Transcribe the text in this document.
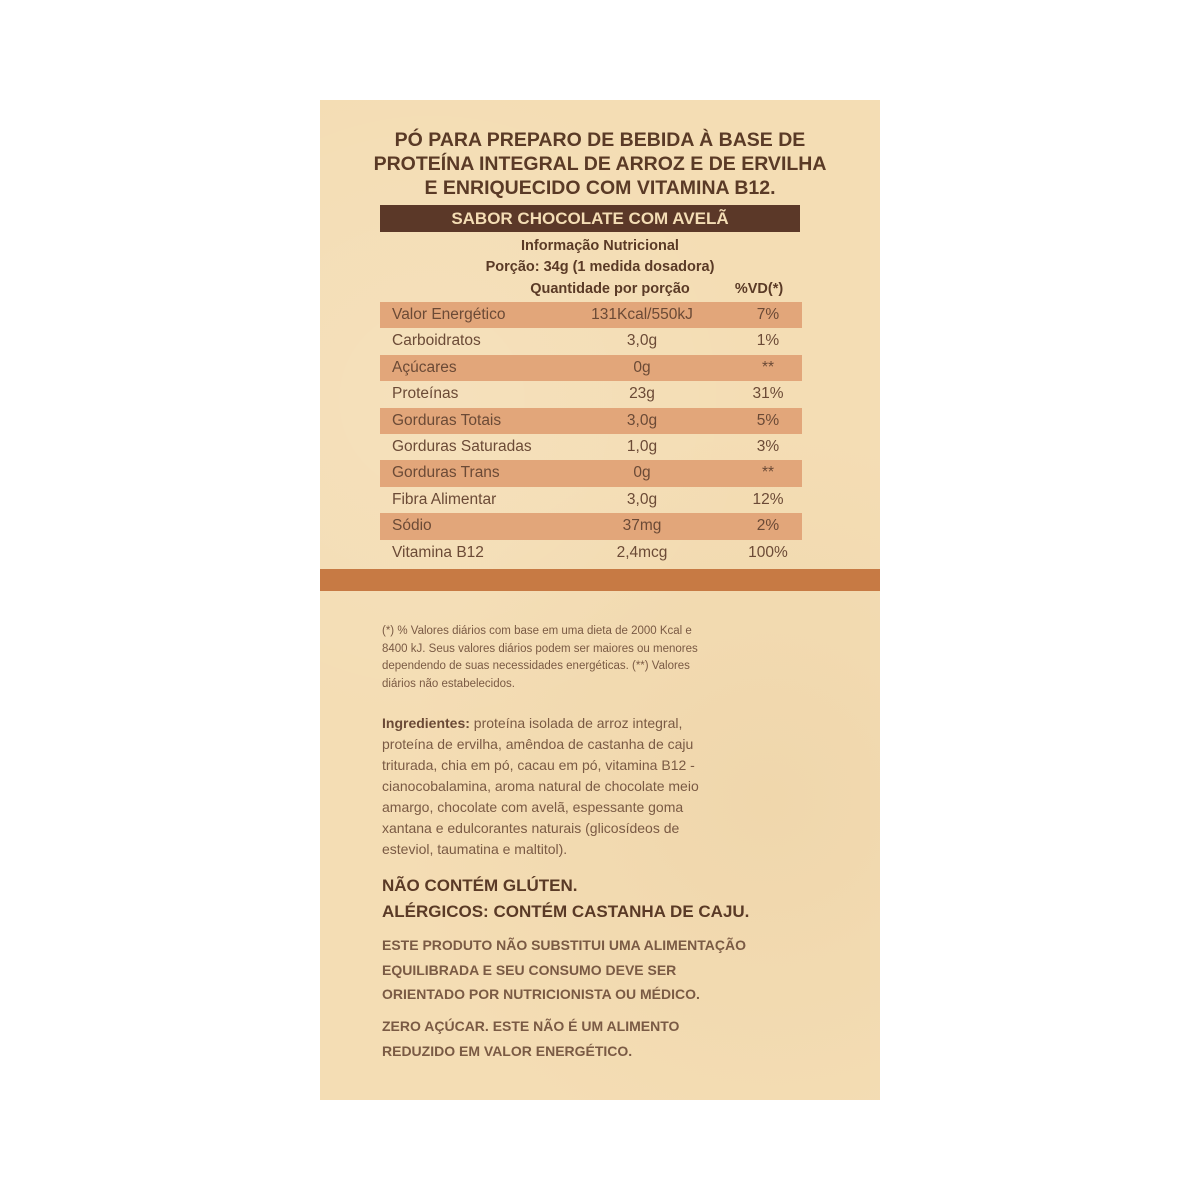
PÓ PARA PREPARO DE BEBIDA À BASE DE
PROTEÍNA INTEGRAL DE ARROZ E DE ERVILHA
E ENRIQUECIDO COM VITAMINA B12.
SABOR CHOCOLATE COM AVELÃ
Informação Nutricional
Porção: 34g (1 medida dosadora)
Quantidade por porção	%VD(*)
Valor Energético	131Kcal/550kJ	7%
Carboidratos	3,0g	1%
Açúcares	0g	**
Proteínas	23g	31%
Gorduras Totais	3,0g	5%
Gorduras Saturadas	1,0g	3%
Gorduras Trans	0g	**
Fibra Alimentar	3,0g	12%
Sódio	37mg	2%
Vitamina B12	2,4mcg	100%
(*) % Valores diários com base em uma dieta de 2000 Kcal e
8400 kJ. Seus valores diários podem ser maiores ou menores
dependendo de suas necessidades energéticas. (**) Valores
diários não estabelecidos.
Ingredientes: proteína isolada de arroz integral,
proteína de ervilha, amêndoa de castanha de caju
triturada, chia em pó, cacau em pó, vitamina B12 -
cianocobalamina, aroma natural de chocolate meio
amargo, chocolate com avelã, espessante goma
xantana e edulcorantes naturais (glicosídeos de
esteviol, taumatina e maltitol).
NÃO CONTÉM GLÚTEN.
ALÉRGICOS: CONTÉM CASTANHA DE CAJU.
ESTE PRODUTO NÃO SUBSTITUI UMA ALIMENTAÇÃO
EQUILIBRADA E SEU CONSUMO DEVE SER
ORIENTADO POR NUTRICIONISTA OU MÉDICO.
ZERO AÇÚCAR. ESTE NÃO É UM ALIMENTO
REDUZIDO EM VALOR ENERGÉTICO.
